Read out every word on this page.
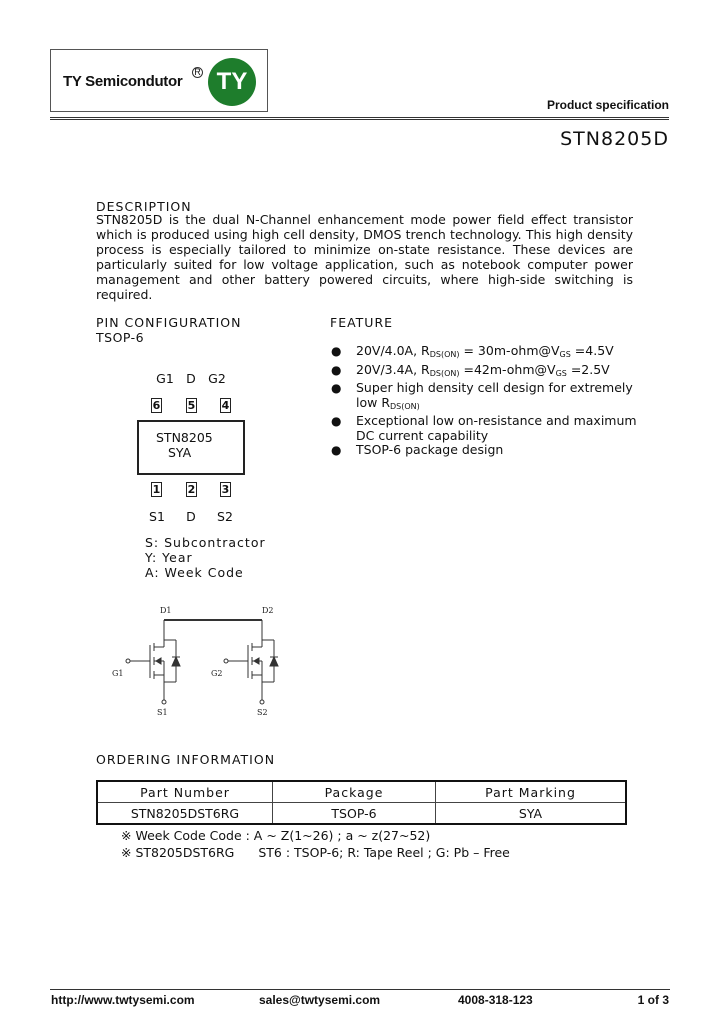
TY Semicondutor
R TY
Product specification
STN8205D
DESCRIPTION
STN8205D is the dual N-Channel enhancement mode power field effect transistor which is produced using high cell density, DMOS trench technology. This high density process is especially tailored to minimize on-state resistance. These devices are particularly suited for low voltage application, such as notebook computer power management and other battery powered circuits, where high-side switching is required.
PIN CONFIGURATION
TSOP-6
G1 D G2
6 5 4
STN8205
SYA
1 2 3
S1	D	S2
S: Subcontractor
Y: Year
A: Week Code
FEATURE
● 20V/4.0A, $R_{DS(ON)}$ = $30m-ohm@V_{GS} =4.5V$
● 20V/3.4A, $R_{DS(ON)}$ $=42m-ohm@V_{GS} =2.5V$
● Super high density cell design for extremely low $R_{DS(ON)}$
● Exceptional low on-resistance and maximum DC current capability
● TSOP-6 package design
D1	D2
G1	G2
S1	S2
ORDERING INFORMATION
Part Number	Package	Part Marking
STN8205DST6RG	TSOP-6	SYA
※ Week Code Code : A ~ Z(1~26) ; a ~ z(27~52)
※ ST8205DST6RG ST6 : TSOP-6; R: Tape Reel ; G: Pb – Free
http://www.twtysemi.com	sales@twtysemi.com	4008-318-123	1 of 3
